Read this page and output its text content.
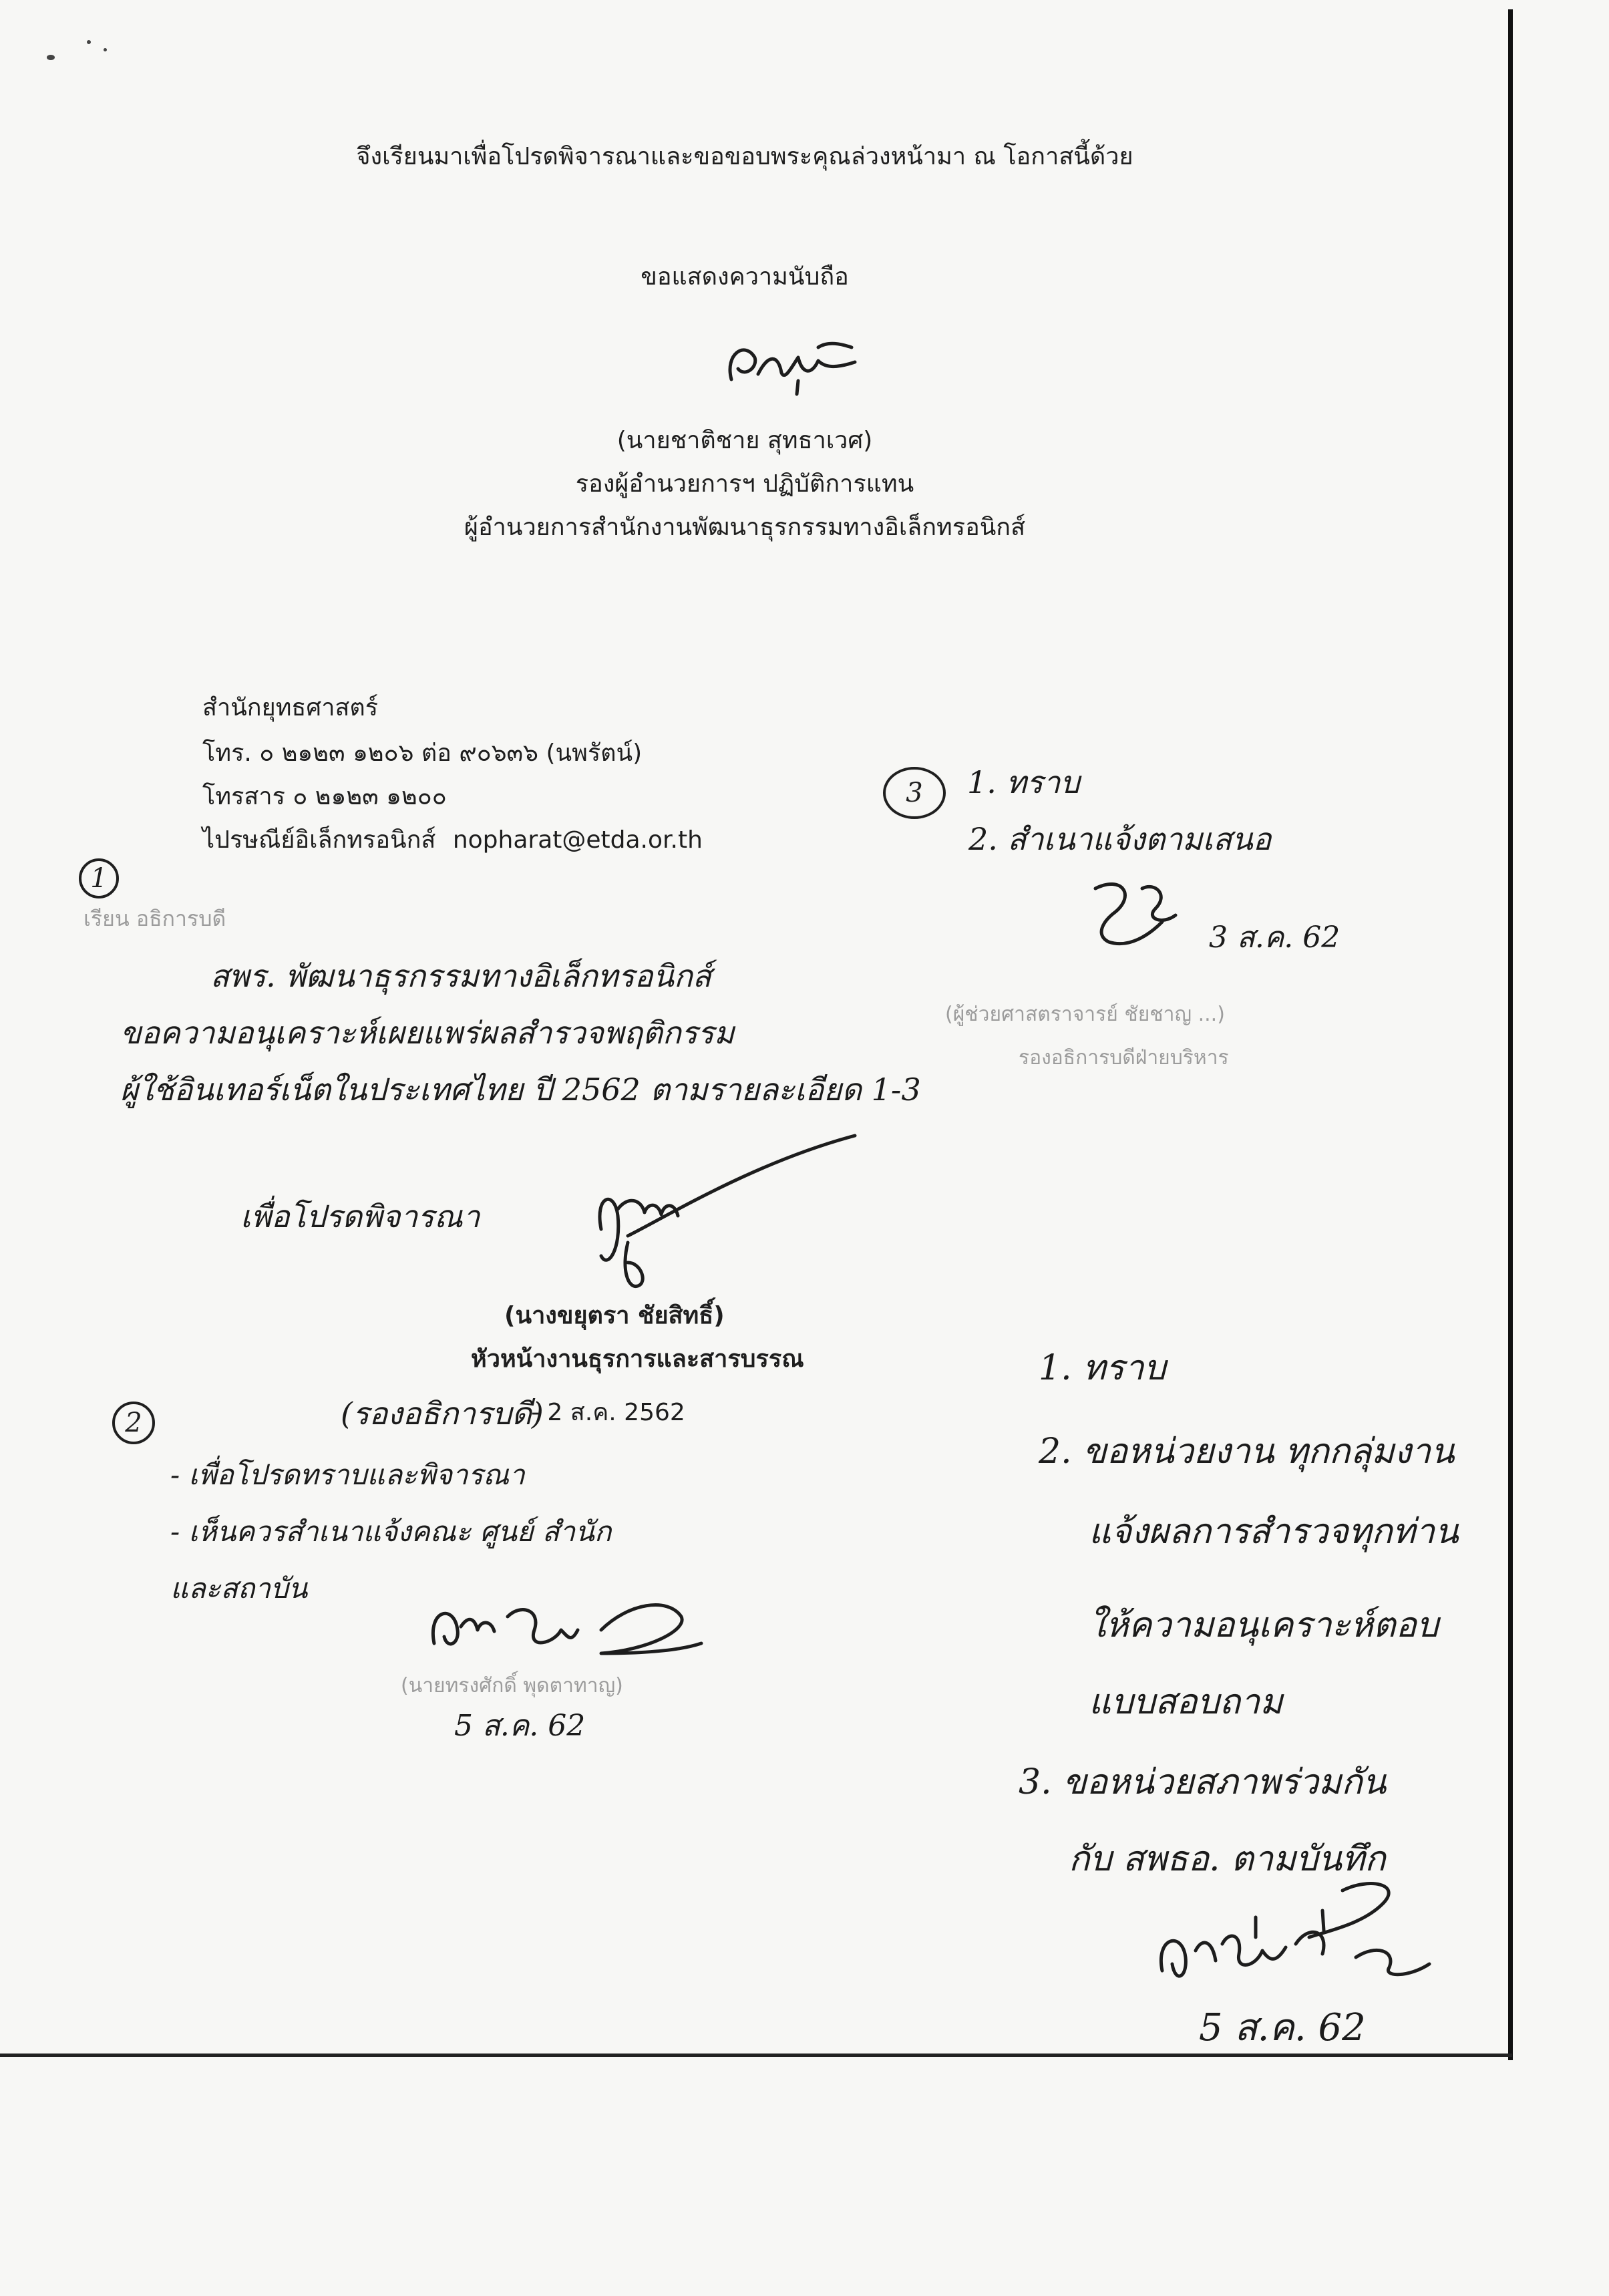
จึงเรียนมาเพื่อโปรดพิจารณาและขอขอบพระคุณล่วงหน้ามา ณ โอกาสนี้ด้วย
ขอแสดงความนับถือ
(นายชาติชาย สุทธาเวศ)
รองผู้อำนวยการฯ ปฏิบัติการแทน
ผู้อำนวยการสำนักงานพัฒนาธุรกรรมทางอิเล็กทรอนิกส์
สำนักยุทธศาสตร์
โทร. ๐ ๒๑๒๓ ๑๒๐๖ ต่อ ๙๐๖๓๖ (นพรัตน์)
โทรสาร ๐ ๒๑๒๓ ๑๒๐๐
ไปรษณีย์อิเล็กทรอนิกส์ nopharat@etda.or.th
1
เรียน อธิการบดี
สพร. พัฒนาธุรกรรมทางอิเล็กทรอนิกส์
ขอความอนุเคราะห์เผยแพร่ผลสำรวจพฤติกรรม
ผู้ใช้อินเทอร์เน็ตในประเทศไทย ปี 2562 ตามรายละเอียด 1-3
เพื่อโปรดพิจารณา
(นางขยุตรา ชัยสิทธิ์)
หัวหน้างานธุรการและสารบรรณ
2	(รองอธิการบดี)
- 2 ส.ค. 2562
- เพื่อโปรดทราบและพิจารณา
- เห็นควรสำเนาแจ้งคณะ ศูนย์ สำนัก
และสถาบัน
(นายทรงศักดิ์ พุดตาทาญ)
5 ส.ค. 62
3	1. ทราบ
2. สำเนาแจ้งตามเสนอ
3 ส.ค. 62
(ผู้ช่วยศาสตราจารย์ ชัยชาญ ...)
รองอธิการบดีฝ่ายบริหาร
1. ทราบ
2. ขอหน่วยงาน ทุกกลุ่มงาน
แจ้งผลการสำรวจทุกท่าน
ให้ความอนุเคราะห์ตอบ
แบบสอบถาม
3. ขอหน่วยสภาพร่วมกัน
กับ สพธอ. ตามบันทึก
5 ส.ค. 62
